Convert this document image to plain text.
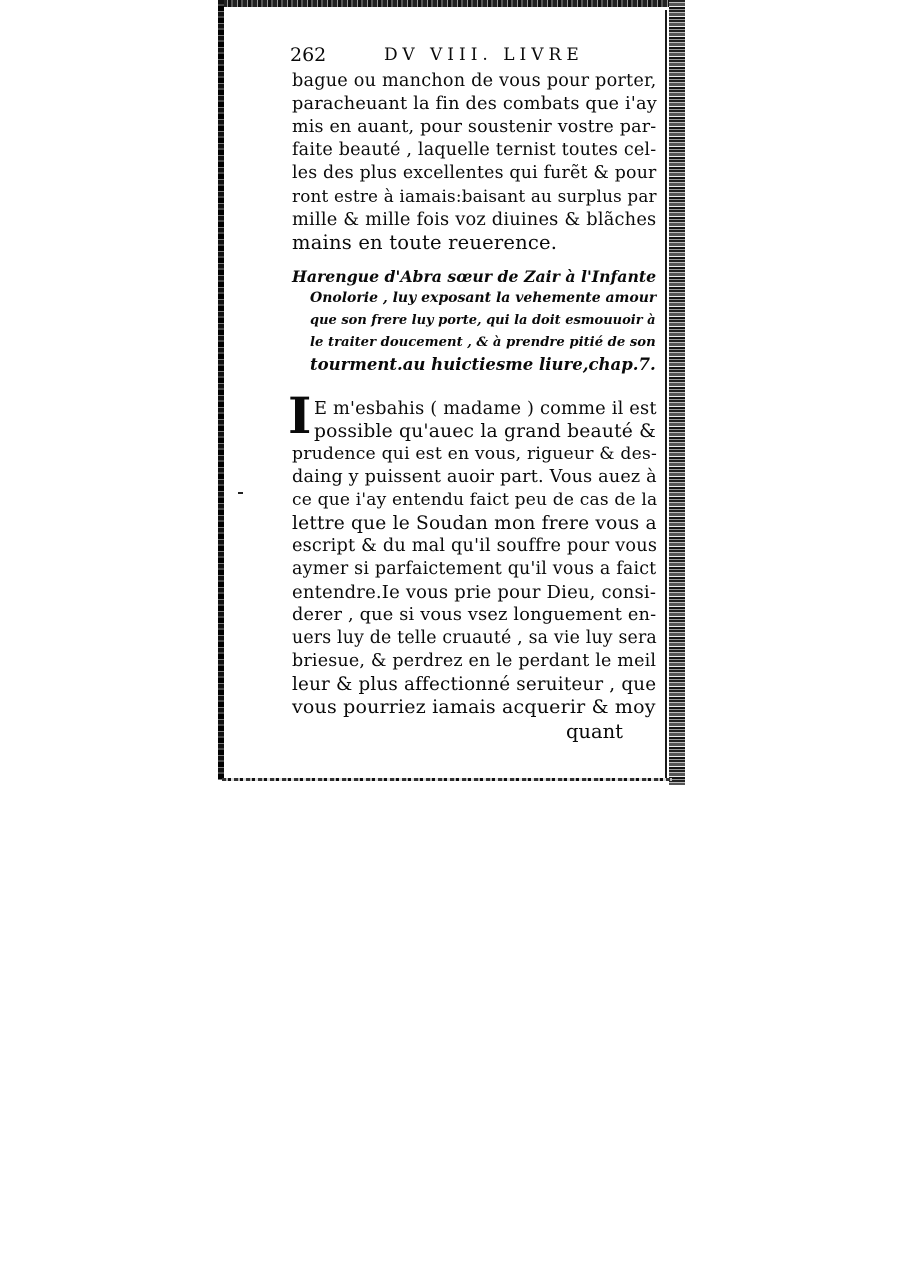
262	DV VIII. LIVRE
bague ou manchon de vous pour porter,
paracheuant la fin des combats que i'ay
mis en auant, pour soustenir vostre par-
faite beauté , laquelle ternist toutes cel-
les des plus excellentes qui furẽt & pour
ront estre à iamais:baisant au surplus par
mille & mille fois voz diuines & blãches
mains en toute reuerence.
Harengue d'Abra sœur de Zair à l'Infante
Onolorie , luy exposant la vehemente amour
que son frere luy porte, qui la doit esmouuoir à
le traiter doucement , & à prendre pitié de son
tourment.au huictiesme liure,chap.7.
I E m'esbahis ( madame ) comme il est
possible qu'auec la grand beauté &
prudence qui est en vous, rigueur & des-
daing y puissent auoir part. Vous auez à
ce que i'ay entendu faict peu de cas de la
lettre que le Soudan mon frere vous a
escript & du mal qu'il souffre pour vous
aymer si parfaictement qu'il vous a faict
entendre.Ie vous prie pour Dieu, consi-
derer , que si vous vsez longuement en-
uers luy de telle cruauté , sa vie luy sera
briesue, & perdrez en le perdant le meil
leur & plus affectionné seruiteur , que
vous pourriez iamais acquerir & moy
quant
